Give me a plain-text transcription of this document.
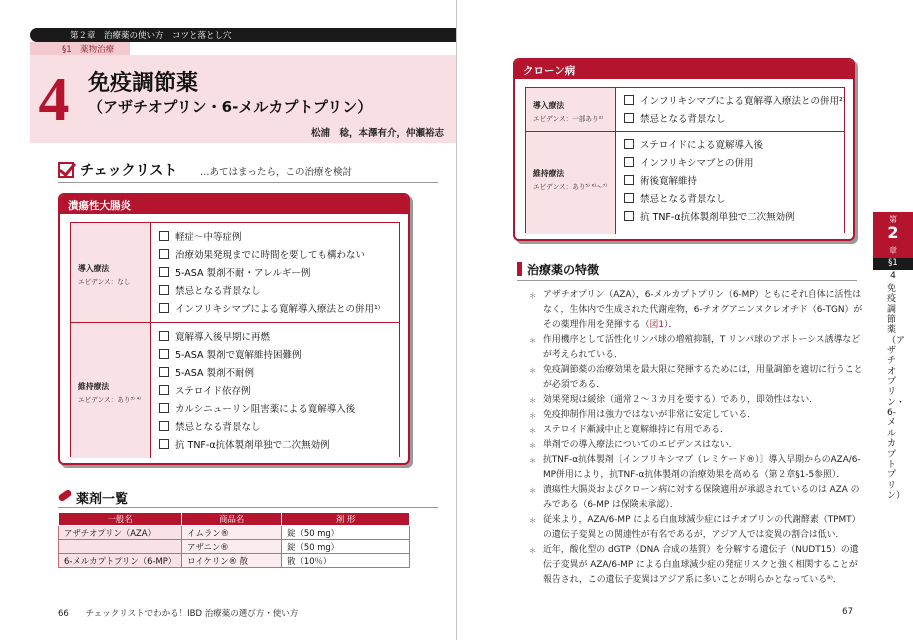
第２章　治療薬の使い方　コツと落とし穴
§1　薬物治療
4 免疫調節薬
（アザチオプリン・6-メルカプトプリン）
松浦　稔，本澤有介，仲瀬裕志
チェックリスト …あてはまったら，この治療を検討
潰瘍性大腸炎
導入療法
エビデンス：なし
軽症～中等症例
治療効果発現までに時間を要しても構わない
5-ASA 製剤不耐・アレルギー例
禁忌となる背景なし
インフリキシマブによる寛解導入療法との併用¹⁾
維持療法
エビデンス：あり³⁾ ⁴⁾
寛解導入後早期に再燃
5-ASA 製剤で寛解維持困難例
5-ASA 製剤不耐例
ステロイド依存例
カルシニューリン阻害薬による寛解導入後
禁忌となる背景なし
抗 TNF-α抗体製剤単独で二次無効例
薬剤一覧
一般名	商品名	剤 形
アザチオプリン（AZA）	イムラン®	錠（50 mg）
	アザニン®	錠（50 mg）
6-メルカプトプリン（6-MP）	ロイケリン® 散	散（10％）
66 チェックリストでわかる！IBD 治療薬の選び方・使い方
クローン病
導入療法
エビデンス：一部あり²⁾
インフリキシマブによる寛解導入療法との併用²⁾
禁忌となる背景なし
維持療法
エビデンス：あり⁵⁾ ⁶⁾～⁷⁾
ステロイドによる寛解導入後
インフリキシマブとの併用
術後寛解維持
禁忌となる背景なし
抗 TNF-α抗体製剤単独で二次無効例	第
2
章
§1
4
免疫調節薬（アザチオプリン・6-メルカプトプリン）
治療薬の特徴
＊ アザチオプリン（AZA），6-メルカプトプリン（6-MP）ともにそれ自体に活性はなく，生体内で生成された代謝産物，6-チオグアニンヌクレオチド（6-TGN）がその薬理作用を発揮する（図1）．
＊ 作用機序として活性化リンパ球の増殖抑制，T リンパ球のアポトーシス誘導などが考えられている．
＊ 免疫調節薬の治療効果を最大限に発揮するためには，用量調節を適切に行うことが必須である．
＊ 効果発現は緩徐（通常２～３カ月を要する）であり，即効性はない．
＊ 免疫抑制作用は強力ではないが非常に安定している．
＊ ステロイド漸減中止と寛解維持に有用である．
＊ 単剤での導入療法についてのエビデンスはない．
＊ 抗TNF-α抗体製剤〔インフリキシマブ（レミケード®）〕導入早期からのAZA/6-MP併用により，抗TNF-α抗体製剤の治療効果を高める（第２章§1-5参照）．
＊ 潰瘍性大腸炎およびクローン病に対する保険適用が承認されているのは AZA のみである（6-MP は保険未承認）．
＊ 従来より，AZA/6-MP による白血球減少症にはチオプリンの代謝酵素（TPMT）の遺伝子変異との関連性が有名であるが，アジア人では変異の割合は低い．
＊ 近年，酸化型の dGTP（DNA 合成の基質）を分解する遺伝子（NUDT15）の遺伝子変異が AZA/6-MP による白血球減少症の発症リスクと強く相関することが報告され，この遺伝子変異はアジア系に多いことが明らかとなっている⁸⁾．
67
